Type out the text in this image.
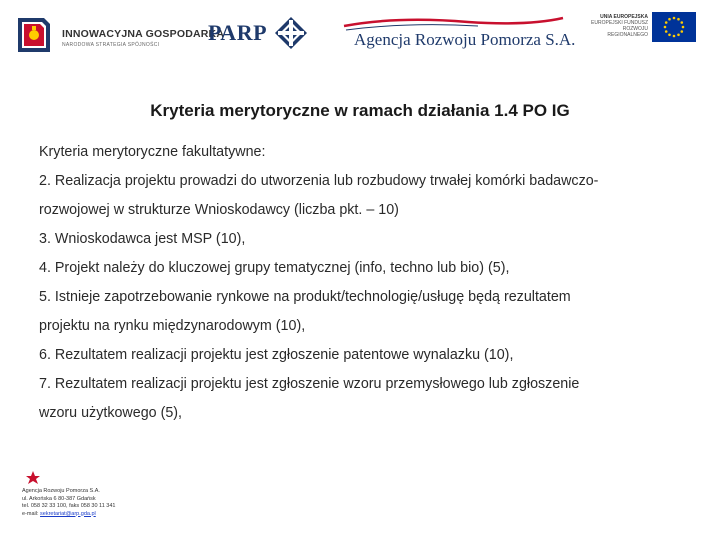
INNOWACYJNA GOSPODARKA
NARODOWA STRATEGIA SPÓJNOŚCI PARP	Agencja Rozwoju Pomorza S.A.
UNIA EUROPEJSKA
EUROPEJSKI FUNDUSZ
ROZWOJU REGIONALNEGO
Kryteria merytoryczne w ramach działania 1.4 PO IG
Kryteria merytoryczne fakultatywne:
2. Realizacja projektu prowadzi do utworzenia lub rozbudowy trwałej komórki badawczo-
rozwojowej w strukturze Wnioskodawcy (liczba pkt. – 10)
3. Wnioskodawca jest MSP (10),
4. Projekt należy do kluczowej grupy tematycznej (info, techno lub bio) (5),
5. Istnieje zapotrzebowanie rynkowe na produkt/technologię/usługę będą rezultatem
projektu na rynku międzynarodowym (10),
6. Rezultatem realizacji projektu jest zgłoszenie patentowe wynalazku (10),
7. Rezultatem realizacji projektu jest zgłoszenie wzoru przemysłowego lub zgłoszenie
wzoru użytkowego (5),
Agencja Rozwoju Pomorza S.A.
ul. Arkońska 6 80-387 Gdańsk
tel. 058 32 33 100, faks 058 30 11 341
e-mail: sekretariat@arp.gda.pl
